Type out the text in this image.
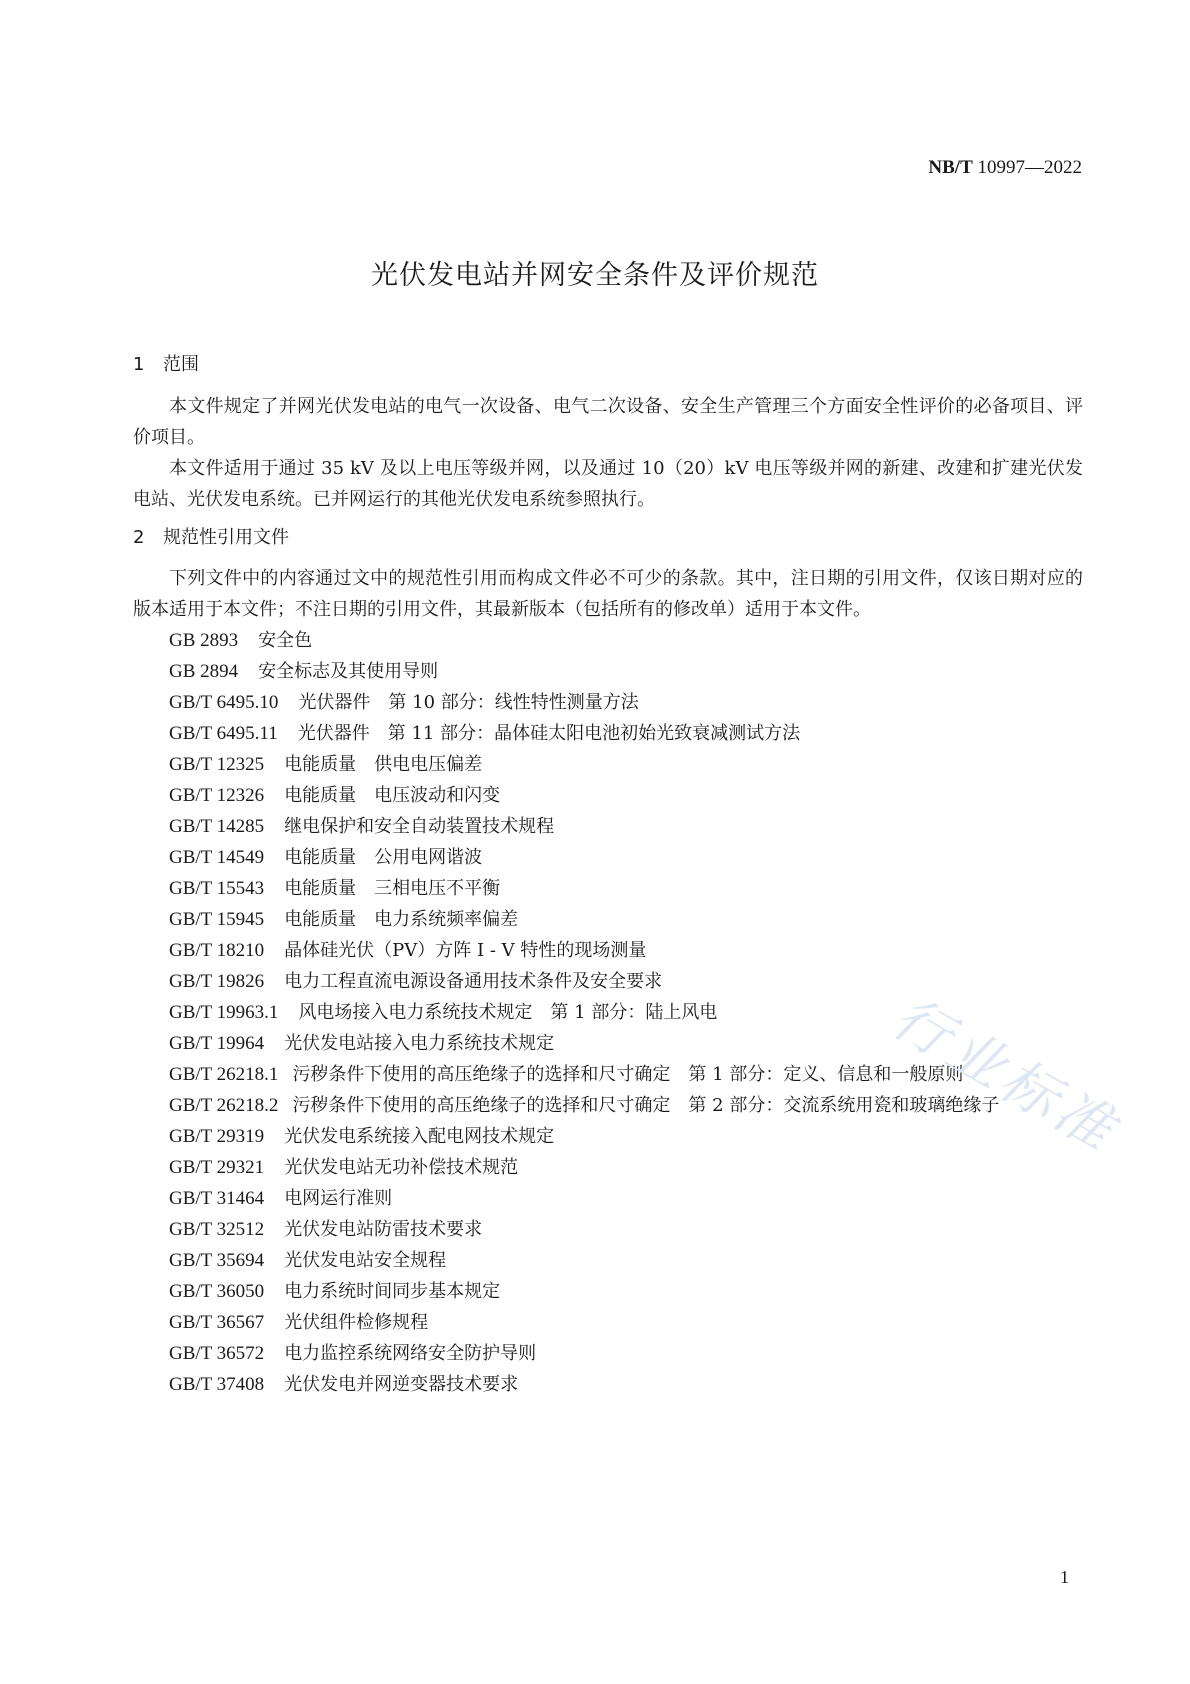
NB/T 10997—2022
光伏发电站并网安全条件及评价规范
1 范围

本文件规定了并网光伏发电站的电气一次设备、电气二次设备、安全生产管理三个方面安全性评价的必备项目、评价项目。

本文件适用于通过 35 kV 及以上电压等级并网，以及通过 10（20）kV 电压等级并网的新建、改建和扩建光伏发电站、光伏发电系统。已并网运行的其他光伏发电系统参照执行。

2 规范性引用文件

下列文件中的内容通过文中的规范性引用而构成文件必不可少的条款。其中，注日期的引用文件，仅该日期对应的版本适用于本文件；不注日期的引用文件，其最新版本（包括所有的修改单）适用于本文件。

GB 2893 安全色
GB 2894 安全标志及其使用导则
GB/T 6495.10 光伏器件　第 10 部分：线性特性测量方法
GB/T 6495.11 光伏器件　第 11 部分：晶体硅太阳电池初始光致衰减测试方法
GB/T 12325 电能质量　供电电压偏差
GB/T 12326 电能质量　电压波动和闪变
GB/T 14285 继电保护和安全自动装置技术规程
GB/T 14549 电能质量　公用电网谐波
GB/T 15543 电能质量　三相电压不平衡
GB/T 15945 电能质量　电力系统频率偏差
GB/T 18210 晶体硅光伏（PV）方阵 I - V 特性的现场测量
GB/T 19826 电力工程直流电源设备通用技术条件及安全要求
GB/T 19963.1 风电场接入电力系统技术规定　第 1 部分：陆上风电
GB/T 19964 光伏发电站接入电力系统技术规定

GB/T 26218.1 污秽条件下使用的高压绝缘子的选择和尺寸确定　第 1 部分：定义、信息和一般原则

GB/T 26218.2 污秽条件下使用的高压绝缘子的选择和尺寸确定　第 2 部分：交流系统用瓷和玻璃绝缘子

GB/T 29319 光伏发电系统接入配电网技术规定
GB/T 29321 光伏发电站无功补偿技术规范
GB/T 31464 电网运行准则
GB/T 32512 光伏发电站防雷技术要求
GB/T 35694 光伏发电站安全规程
GB/T 36050 电力系统时间同步基本规定
GB/T 36567 光伏组件检修规程
GB/T 36572 电力监控系统网络安全防护导则
GB/T 37408 光伏发电并网逆变器技术要求
行业标准
1
